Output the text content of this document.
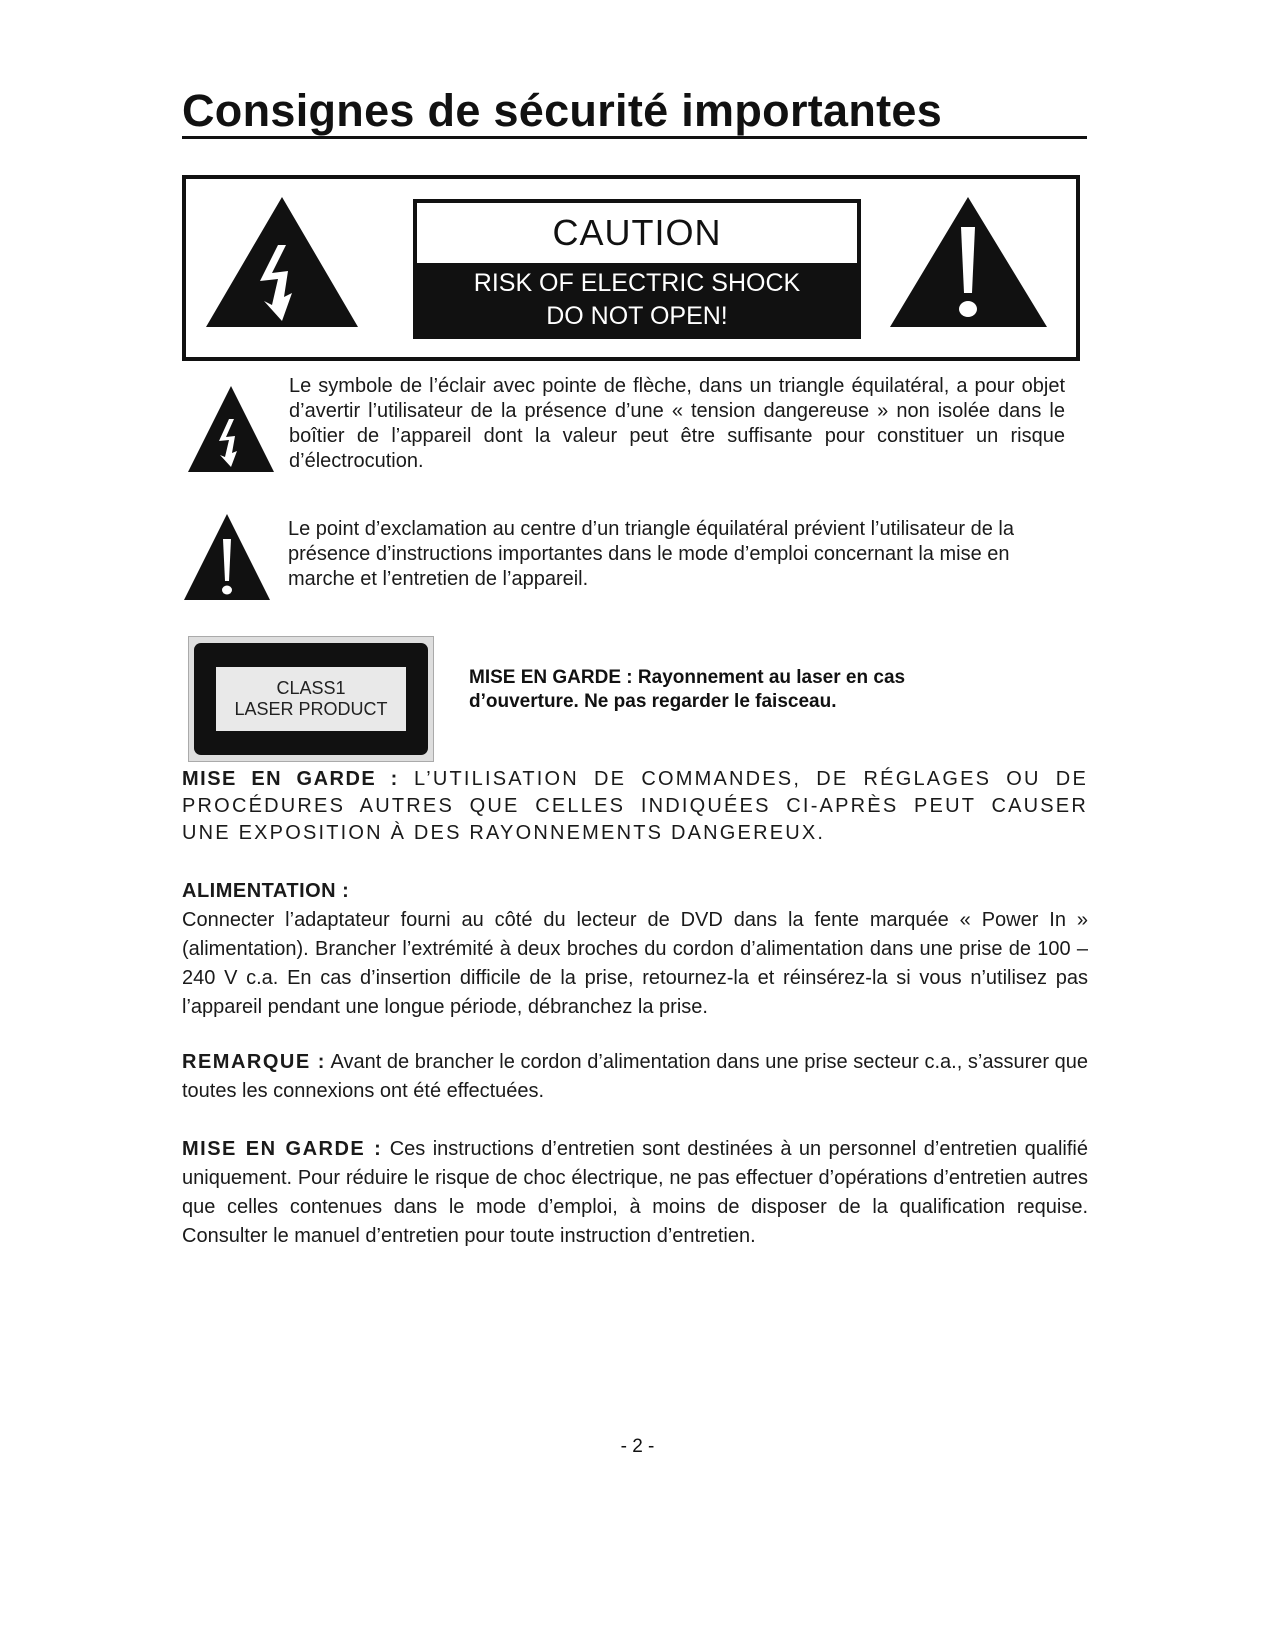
Consignes de sécurité importantes
CAUTION
RISK OF ELECTRIC SHOCK
DO NOT OPEN!
Le symbole de l’éclair avec pointe de flèche, dans un triangle équilatéral, a pour objet d’avertir l’utilisateur de la présence d’une « tension dangereuse » non isolée dans le boîtier de l’appareil dont la valeur peut être suffisante pour constituer un risque d’électrocution.
Le point d’exclamation au centre d’un triangle équilatéral prévient l’utilisateur de la présence d’instructions importantes dans le mode d’emploi concernant la mise en marche et l’entretien de l’appareil.
CLASS1
LASER PRODUCT
MISE EN GARDE : Rayonnement au laser en cas d’ouverture. Ne pas regarder le faisceau.
MISE EN GARDE : L’UTILISATION DE COMMANDES, DE RÉGLAGES OU DE PROCÉDURES AUTRES QUE CELLES INDIQUÉES CI-APRÈS PEUT CAUSER UNE EXPOSITION À DES RAYONNEMENTS DANGEREUX.
ALIMENTATION :
Connecter l’adaptateur fourni au côté du lecteur de DVD dans la fente marquée « Power In » (alimentation). Brancher l’extrémité à deux broches du cordon d’alimentation dans une prise de 100 – 240 V c.a. En cas d’insertion difficile de la prise, retournez-la et réinsérez-la si vous n’utilisez pas l’appareil pendant une longue période, débranchez la prise.
REMARQUE : Avant de brancher le cordon d’alimentation dans une prise secteur c.a., s’assurer que toutes les connexions ont été effectuées.
MISE EN GARDE : Ces instructions d’entretien sont destinées à un personnel d’entretien qualifié uniquement. Pour réduire le risque de choc électrique, ne pas effectuer d’opérations d’entretien autres que celles contenues dans le mode d’emploi, à moins de disposer de la qualification requise. Consulter le manuel d’entretien pour toute instruction d’entretien.
- 2 -
